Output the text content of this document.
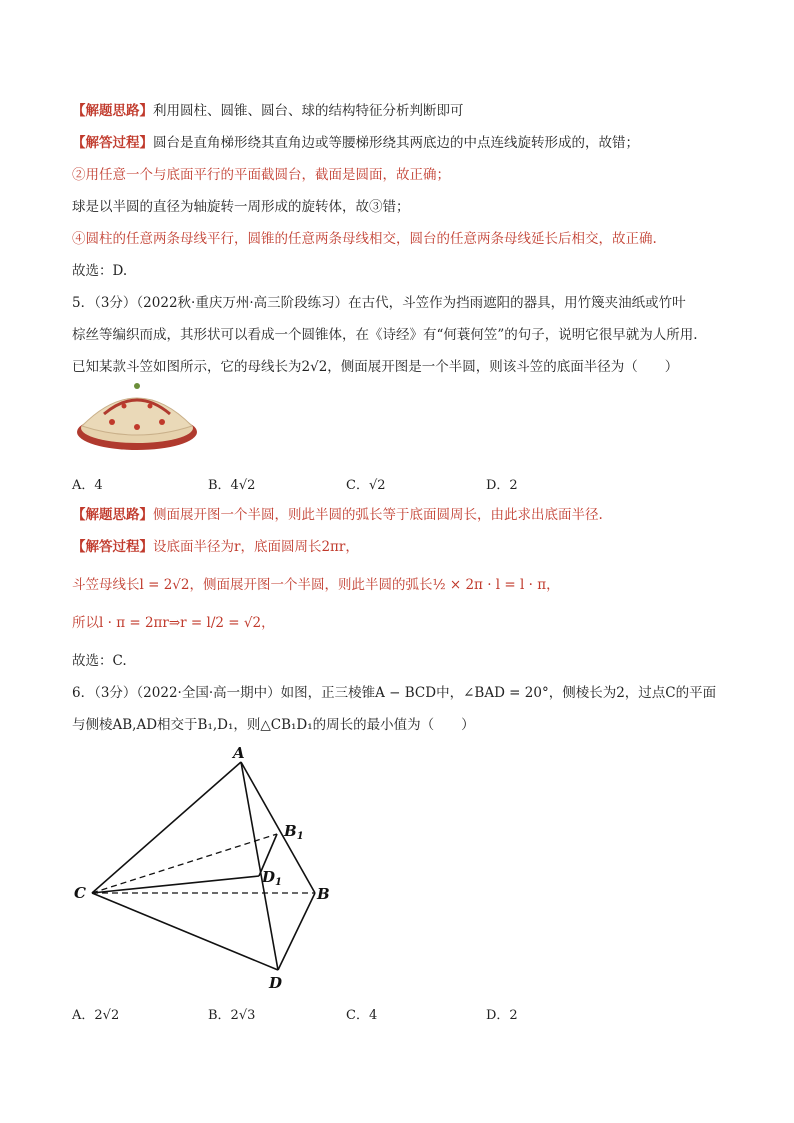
【解题思路】利用圆柱、圆锥、圆台、球的结构特征分析判断即可
【解答过程】圆台是直角梯形绕其直角边或等腰梯形绕其两底边的中点连线旋转形成的，故错；
②用任意一个与底面平行的平面截圆台，截面是圆面，故正确；
球是以半圆的直径为轴旋转一周形成的旋转体，故③错；
④圆柱的任意两条母线平行，圆锥的任意两条母线相交，圆台的任意两条母线延长后相交，故正确.
故选：D.
5．（3分）（2022秋·重庆万州·高三阶段练习）在古代，斗笠作为挡雨遮阳的器具，用竹篾夹油纸或竹叶
棕丝等编织而成，其形状可以看成一个圆锥体，在《诗经》有“何蓑何笠”的句子，说明它很早就为人所用.
已知某款斗笠如图所示，它的母线长为2√2，侧面展开图是一个半圆，则该斗笠的底面半径为（　　）
A．4	B．4√2	C．√2	D．2
【解题思路】侧面展开图一个半圆，则此半圆的弧长等于底面圆周长，由此求出底面半径.
【解答过程】设底面半径为r，底面圆周长2πr，
斗笠母线长l = 2√2，侧面展开图一个半圆，则此半圆的弧长½ × 2π · l = l · π，
所以l · π = 2πr⇒r = l/2 = √2，
故选：C.
6．（3分）（2022·全国·高一期中）如图，正三棱锥A − BCD中，∠BAD = 20°，侧棱长为2，过点C的平面
与侧棱AB,AD相交于B₁,D₁，则△CB₁D₁的周长的最小值为（　　）
A
C	B
D
$B_1$
$D_1$
A．2√2	B．2√3	C．4	D．2
